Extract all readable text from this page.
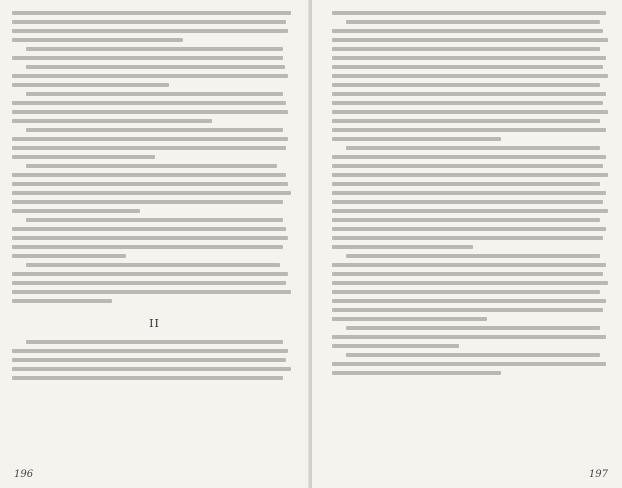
II
196	197
